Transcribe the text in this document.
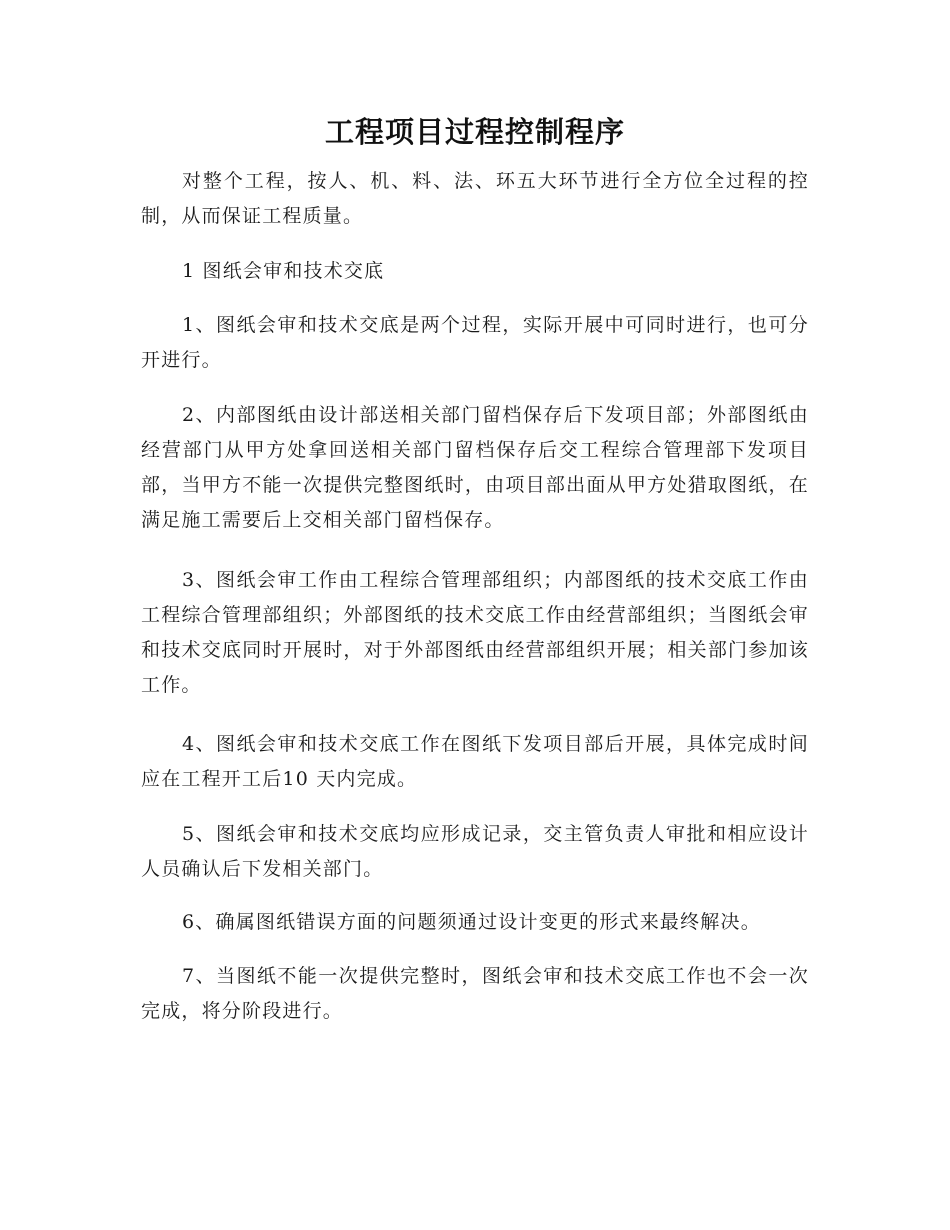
工程项目过程控制程序

对整个工程，按人、机、料、法、环五大环节进行全方位全过程的控制，从而保证工程质量。

1 图纸会审和技术交底

1、图纸会审和技术交底是两个过程，实际开展中可同时进行，也可分开进行。

2、内部图纸由设计部送相关部门留档保存后下发项目部；外部图纸由经营部门从甲方处拿回送相关部门留档保存后交工程综合管理部下发项目部，当甲方不能一次提供完整图纸时，由项目部出面从甲方处猎取图纸，在满足施工需要后上交相关部门留档保存。

3、图纸会审工作由工程综合管理部组织；内部图纸的技术交底工作由工程综合管理部组织；外部图纸的技术交底工作由经营部组织；当图纸会审和技术交底同时开展时，对于外部图纸由经营部组织开展；相关部门参加该工作。

4、图纸会审和技术交底工作在图纸下发项目部后开展，具体完成时间应在工程开工后10 天内完成。

5、图纸会审和技术交底均应形成记录，交主管负责人审批和相应设计人员确认后下发相关部门。

6、确属图纸错误方面的问题须通过设计变更的形式来最终解决。

7、当图纸不能一次提供完整时，图纸会审和技术交底工作也不会一次完成，将分阶段进行。
